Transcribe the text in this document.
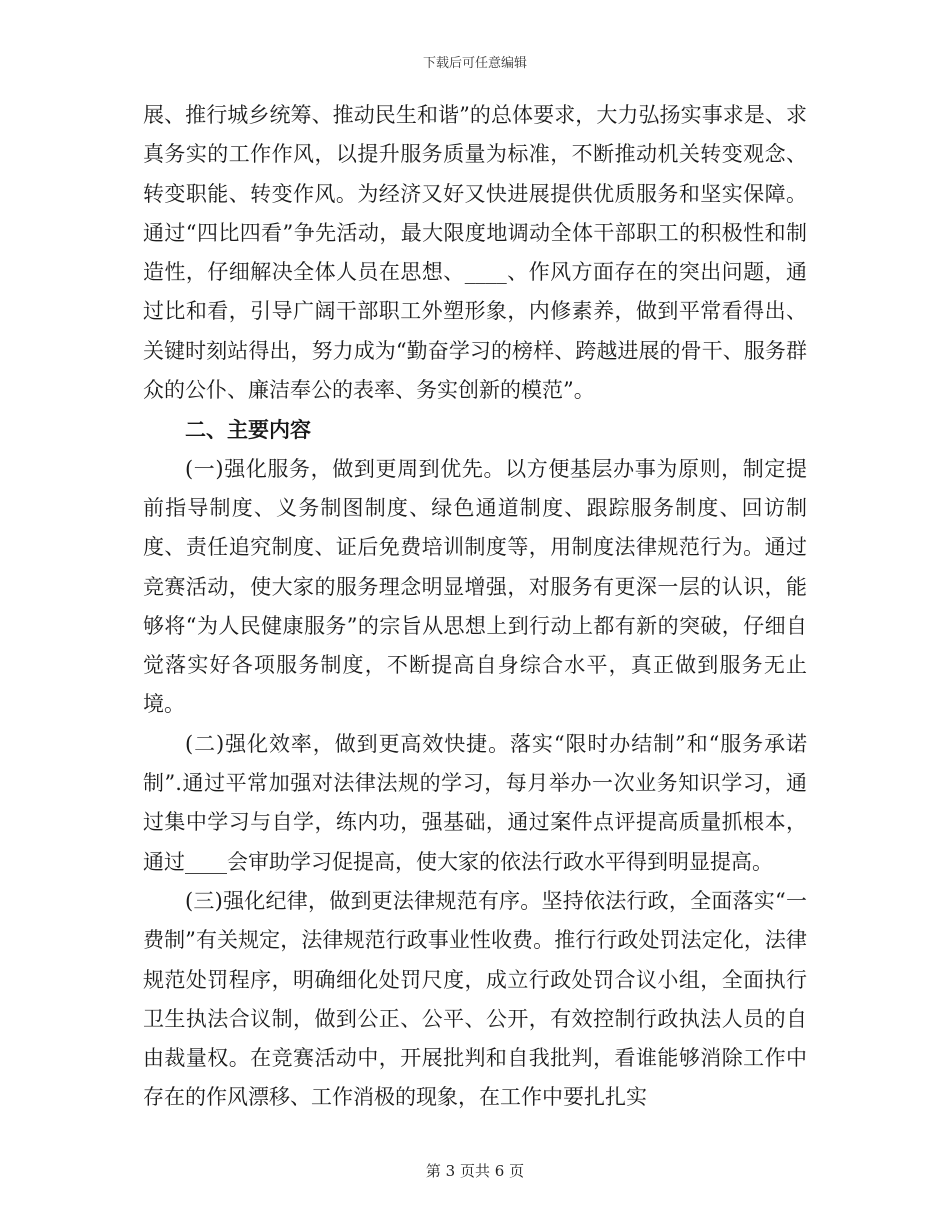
下载后可任意编辑

展、推行城乡统筹、推动民生和谐”的总体要求，大力弘扬实事求是、求真务实的工作作风，以提升服务质量为标准，不断推动机关转变观念、转变职能、转变作风。为经济又好又快进展提供优质服务和坚实保障。通过“四比四看”争先活动，最大限度地调动全体干部职工的积极性和制造性，仔细解决全体人员在思想、____、作风方面存在的突出问题，通过比和看，引导广阔干部职工外塑形象，内修素养，做到平常看得出、关键时刻站得出，努力成为“勤奋学习的榜样、跨越进展的骨干、服务群众的公仆、廉洁奉公的表率、务实创新的模范”。

二、主要内容

(一)强化服务，做到更周到优先。以方便基层办事为原则，制定提前指导制度、义务制图制度、绿色通道制度、跟踪服务制度、回访制度、责任追究制度、证后免费培训制度等，用制度法律规范行为。通过竞赛活动，使大家的服务理念明显增强，对服务有更深一层的认识，能够将“为人民健康服务”的宗旨从思想上到行动上都有新的突破，仔细自觉落实好各项服务制度，不断提高自身综合水平，真正做到服务无止境。

(二)强化效率，做到更高效快捷。落实“限时办结制”和“服务承诺制”.通过平常加强对法律法规的学习，每月举办一次业务知识学习，通过集中学习与自学，练内功，强基础，通过案件点评提高质量抓根本，通过____会审助学习促提高，使大家的依法行政水平得到明显提高。

(三)强化纪律，做到更法律规范有序。坚持依法行政，全面落实“一费制”有关规定，法律规范行政事业性收费。推行行政处罚法定化，法律规范处罚程序，明确细化处罚尺度，成立行政处罚合议小组，全面执行卫生执法合议制，做到公正、公平、公开，有效控制行政执法人员的自由裁量权。在竞赛活动中，开展批判和自我批判，看谁能够消除工作中存在的作风漂移、工作消极的现象，在工作中要扎扎实

第 3 页共 6 页
